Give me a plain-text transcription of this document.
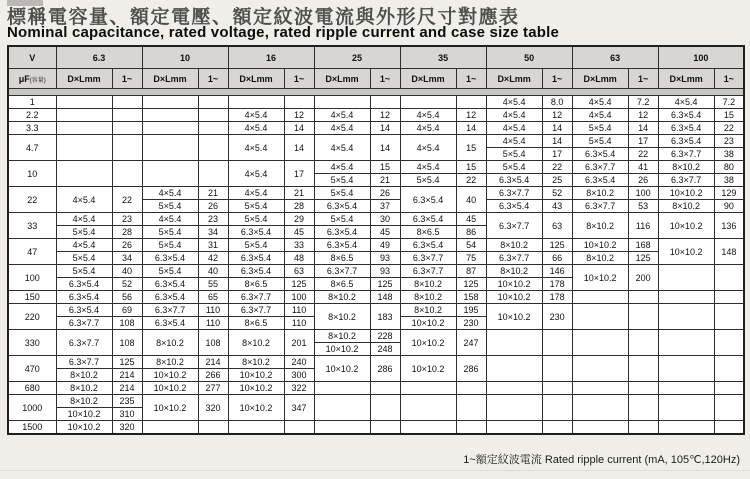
標稱電容量、額定電壓、額定紋波電流與外形尺寸對應表
Nominal capacitance, rated voltage, rated ripple current and case size table
V	6.3		10		16		25		35		50		63		100	
μF(容量)	D×Lmm	1~	D×Lmm	1~	D×Lmm	1~	D×Lmm	1~	D×Lmm	1~	D×Lmm	1~	D×Lmm	1~	D×Lmm	1~

1											4×5.4	8.0	4×5.4	7.2	4×5.4	7.2
2.2					4×5.4	12	4×5.4	12	4×5.4	12	4×5.4	12	4×5.4	12	6.3×5.4	15
3.3					4×5.4	14	4×5.4	14	4×5.4	14	4×5.4	14	5×5.4	14	6.3×5.4	22
4.7					4×5.4	14	4×5.4	14	4×5.4	15	4×5.4	14	5×5.4	17	6.3×5.4	23
											5×5.4	17	6.3×5.4	22	6.3×7.7	38
10					4×5.4	17	4×5.4	15	4×5.4	15	5×5.4	22	6.3×7.7	41	8×10.2	80
							5×5.4	21	5×5.4	22	6.3×5.4	25	6.3×5.4	26	6.3×7.7	38
22	4×5.4	22	4×5.4	21	4×5.4	21	5×5.4	26	6.3×5.4	40	6.3×7.7	52	8×10.2	100	10×10.2	129
			5×5.4	26	5×5.4	28	6.3×5.4	37			6.3×5.4	43	6.3×7.7	53	8×10.2	90
33	4×5.4	23	4×5.4	23	5×5.4	29	5×5.4	30	6.3×5.4	45	6.3×7.7	63	8×10.2	116	10×10.2	136
	5×5.4	28	5×5.4	34	6.3×5.4	45	6.3×5.4	45	8×6.5	86						
47	4×5.4	26	5×5.4	31	5×5.4	33	6.3×5.4	49	6.3×5.4	54	8×10.2	125	10×10.2	168	10×10.2	148
	5×5.4	34	6.3×5.4	42	6.3×5.4	48	8×6.5	93	6.3×7.7	75	6.3×7.7	66	8×10.2	125		
100	5×5.4	40	5×5.4	40	6.3×5.4	63	6.3×7.7	93	6.3×7.7	87	8×10.2	146	10×10.2	200		
	6.3×5.4	52	6.3×5.4	55	8×6.5	125	8×6.5	125	8×10.2	125	10×10.2	178				
150	6.3×5.4	56	6.3×5.4	65	6.3×7.7	100	8×10.2	148	8×10.2	158	10×10.2	178				
220	6.3×5.4	69	6.3×7.7	110	6.3×7.7	110	8×10.2	183	8×10.2	195	10×10.2	230				
	6.3×7.7	108	6.3×5.4	110	8×6.5	110			10×10.2	230						
330	6.3×7.7	108	8×10.2	108	8×10.2	201	8×10.2	228	10×10.2	247						
							10×10.2	248								
470	6.3×7.7	125	8×10.2	214	8×10.2	240	10×10.2	286	10×10.2	286						
	8×10.2	214	10×10.2	266	10×10.2	300										
680	8×10.2	214	10×10.2	277	10×10.2	322										
1000	8×10.2	235	10×10.2	320	10×10.2	347										
	10×10.2	310														
1500	10×10.2	320														
1~額定紋波電流 Rated ripple current (mA, 105℃,120Hz)
